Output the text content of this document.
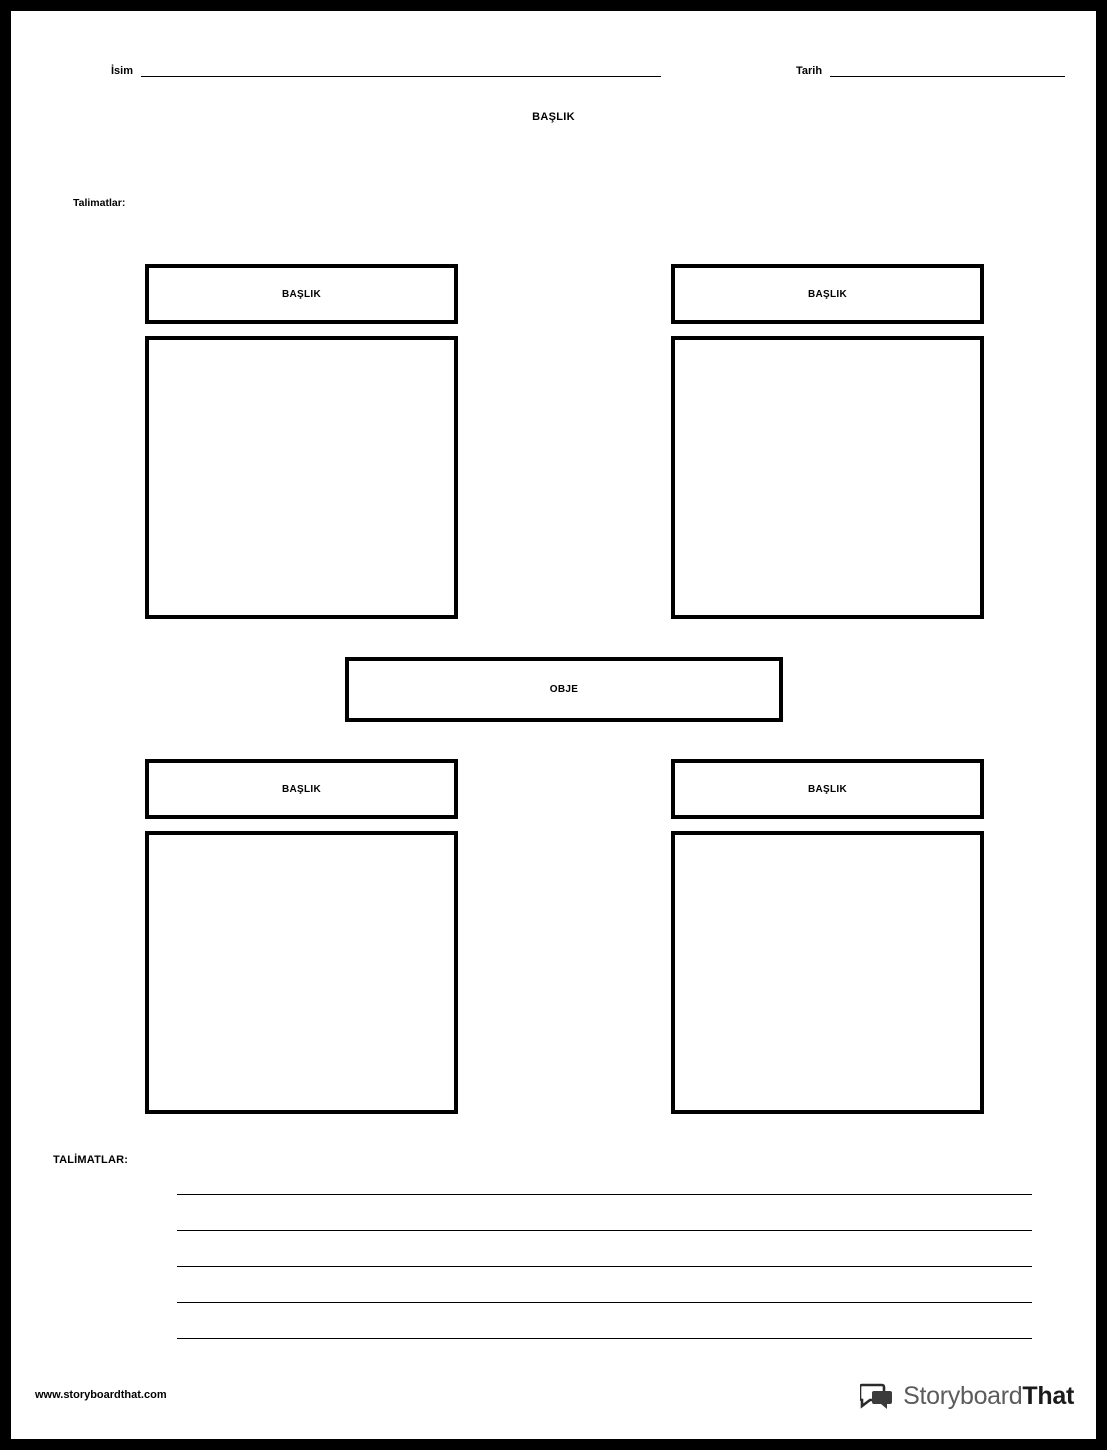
İsim	Tarih
BAŞLIK
Talimatlar:
BAŞLIK	BAŞLIK
OBJE
BAŞLIK	BAŞLIK
TALİMATLAR:
www.storyboardthat.com	StoryboardThat
